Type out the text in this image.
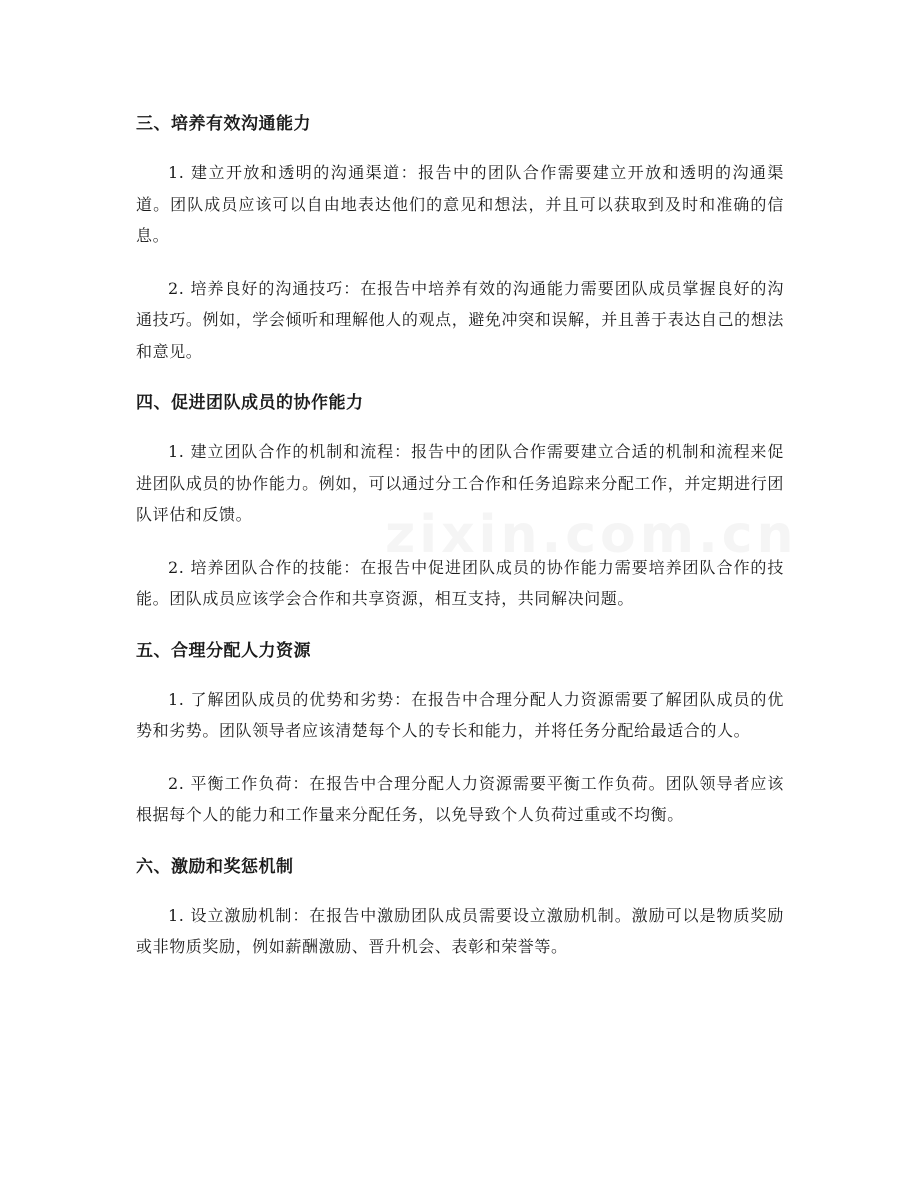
zixin.com.cn
三、培养有效沟通能力

1. 建立开放和透明的沟通渠道：报告中的团队合作需要建立开放和透明的沟通渠道。团队成员应该可以自由地表达他们的意见和想法，并且可以获取到及时和准确的信息。

2. 培养良好的沟通技巧：在报告中培养有效的沟通能力需要团队成员掌握良好的沟通技巧。例如，学会倾听和理解他人的观点，避免冲突和误解，并且善于表达自己的想法和意见。

四、促进团队成员的协作能力

1. 建立团队合作的机制和流程：报告中的团队合作需要建立合适的机制和流程来促进团队成员的协作能力。例如，可以通过分工合作和任务追踪来分配工作，并定期进行团队评估和反馈。

2. 培养团队合作的技能：在报告中促进团队成员的协作能力需要培养团队合作的技能。团队成员应该学会合作和共享资源，相互支持，共同解决问题。

五、合理分配人力资源

1. 了解团队成员的优势和劣势：在报告中合理分配人力资源需要了解团队成员的优势和劣势。团队领导者应该清楚每个人的专长和能力，并将任务分配给最适合的人。

2. 平衡工作负荷：在报告中合理分配人力资源需要平衡工作负荷。团队领导者应该根据每个人的能力和工作量来分配任务，以免导致个人负荷过重或不均衡。

六、激励和奖惩机制

1. 设立激励机制：在报告中激励团队成员需要设立激励机制。激励可以是物质奖励或非物质奖励，例如薪酬激励、晋升机会、表彰和荣誉等。
